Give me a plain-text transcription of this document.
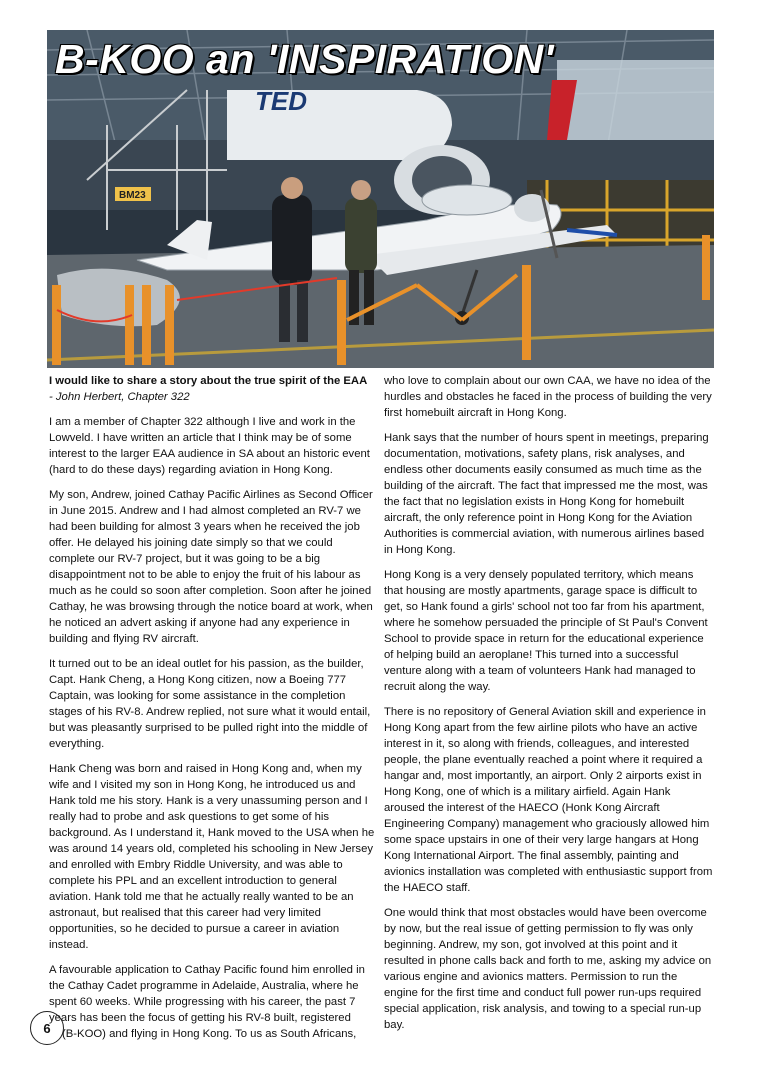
TED
BM23
B-KOO an 'INSPIRATION'

I would like to share a story about the true spirit of the EAA
- John Herbert, Chapter 322

I am a member of Chapter 322 although I live and work in the Lowveld. I have written an article that I think may be of some interest to the larger EAA audience in SA about an historic event (hard to do these days) regarding aviation in Hong Kong.

My son, Andrew, joined Cathay Pacific Airlines as Second Officer in June 2015. Andrew and I had almost completed an RV-7 we had been building for almost 3 years when he received the job offer. He delayed his joining date simply so that we could complete our RV-7 project, but it was going to be a big disappointment not to be able to enjoy the fruit of his labour as much as he could so soon after completion. Soon after he joined Cathay, he was browsing through the notice board at work, when he noticed an advert asking if anyone had any experience in building and flying RV aircraft.

It turned out to be an ideal outlet for his passion, as the builder, Capt. Hank Cheng, a Hong Kong citizen, now a Boeing 777 Captain, was looking for some assistance in the completion stages of his RV-8. Andrew replied, not sure what it would entail, but was pleasantly surprised to be pulled right into the middle of everything.

Hank Cheng was born and raised in Hong Kong and, when my wife and I visited my son in Hong Kong, he introduced us and Hank told me his story. Hank is a very unassuming person and I really had to probe and ask questions to get some of his background. As I understand it, Hank moved to the USA when he was around 14 years old, completed his schooling in New Jersey and enrolled with Embry Riddle University, and was able to complete his PPL and an excellent introduction to general aviation. Hank told me that he actually really wanted to be an astronaut, but realised that this career had very limited opportunities, so he decided to pursue a career in aviation instead.

A favourable application to Cathay Pacific found him enrolled in the Cathay Cadet programme in Adelaide, Australia, where he spent 60 weeks. While progressing with his career, the past 7 years has been the focus of getting his RV-8 built, registered

(B-KOO) and flying in Hong Kong. To us as South Africans,

who love to complain about our own CAA, we have no idea of the hurdles and obstacles he faced in the process of building the very first homebuilt aircraft in Hong Kong.

Hank says that the number of hours spent in meetings, preparing documentation, motivations, safety plans, risk analyses, and endless other documents easily consumed as much time as the building of the aircraft. The fact that impressed me the most, was the fact that no legislation exists in Hong Kong for homebuilt aircraft, the only reference point in Hong Kong for the Aviation Authorities is commercial aviation, with numerous airlines based in Hong Kong.

Hong Kong is a very densely populated territory, which means that housing are mostly apartments, garage space is difficult to get, so Hank found a girls' school not too far from his apartment, where he somehow persuaded the principle of St Paul's Convent School to provide space in return for the educational experience of helping build an aeroplane! This turned into a successful venture along with a team of volunteers Hank had managed to recruit along the way.

There is no repository of General Aviation skill and experience in Hong Kong apart from the few airline pilots who have an active interest in it, so along with friends, colleagues, and interested people, the plane eventually reached a point where it required a hangar and, most importantly, an airport. Only 2 airports exist in Hong Kong, one of which is a military airfield. Again Hank aroused the interest of the HAECO (Honk Kong Aircraft Engineering Company) management who graciously allowed him some space upstairs in one of their very large hangars at Hong Kong International Airport. The final assembly, painting and avionics installation was completed with enthusiastic support from the HAECO staff.

One would think that most obstacles would have been overcome by now, but the real issue of getting permission to fly was only beginning. Andrew, my son, got involved at this point and it resulted in phone calls back and forth to me, asking my advice on various engine and avionics matters. Permission to run the engine for the first time and conduct full power run-ups required special application, risk analysis, and towing to a special run-up bay.

6
